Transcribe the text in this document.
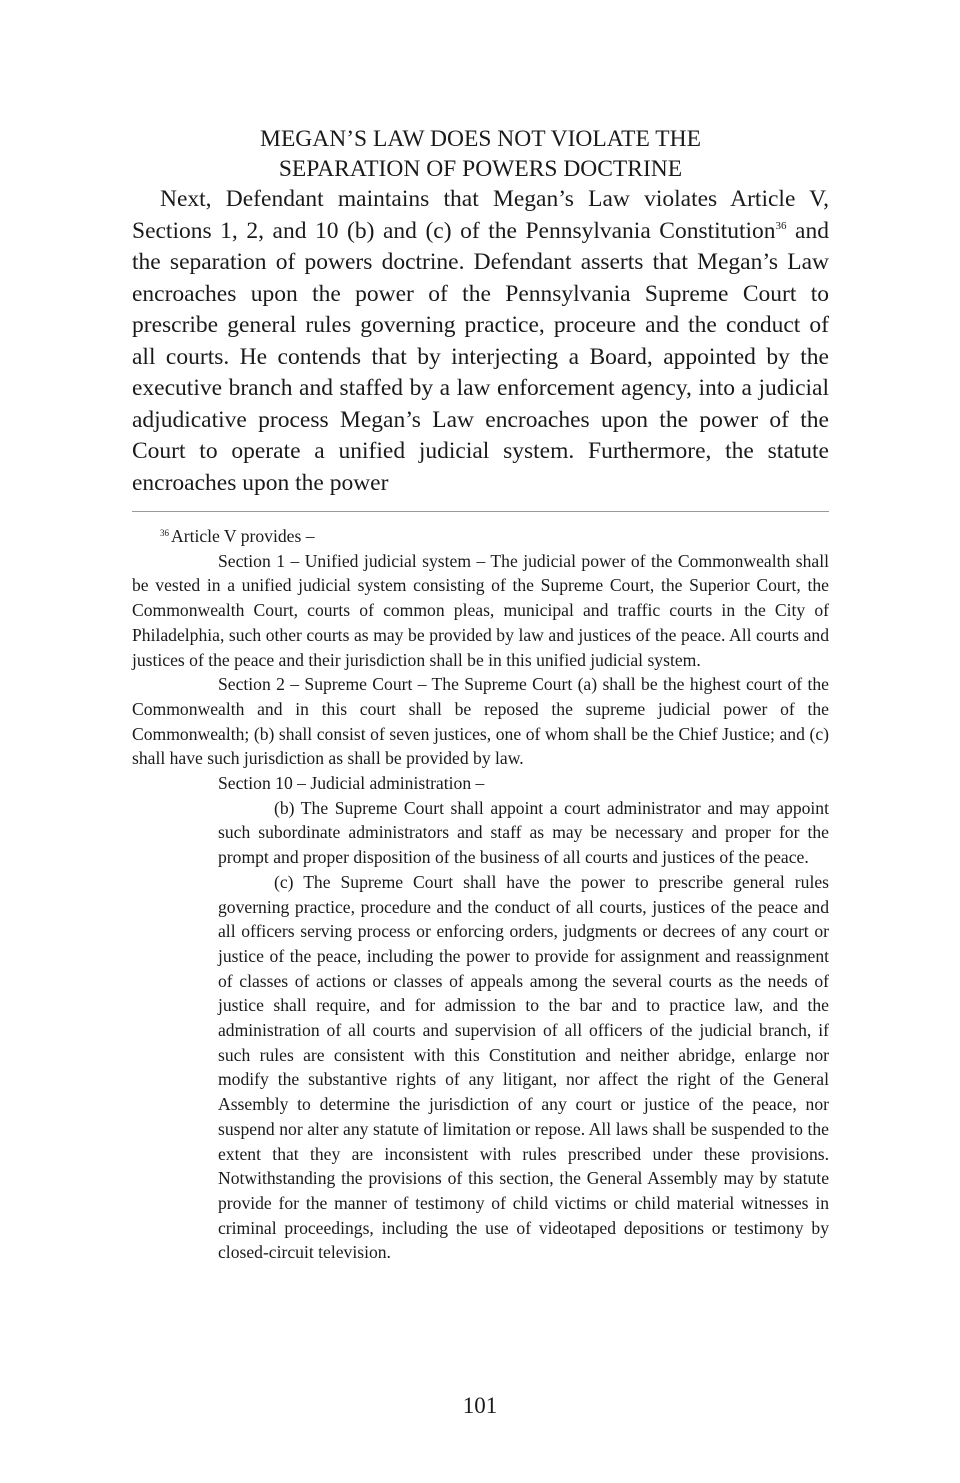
MEGAN’S LAW DOES NOT VIOLATE THE
SEPARATION OF POWERS DOCTRINE

Next, Defendant maintains that Megan’s Law violates Article V, Sections 1, 2, and 10 (b) and (c) of the Pennsylvania Constitution$^{36}$ and the separation of powers doctrine. Defendant asserts that Megan’s Law encroaches upon the power of the Pennsylvania Supreme Court to prescribe general rules governing practice, proceure and the conduct of all courts. He contends that by interjecting a Board, appointed by the executive branch and staffed by a law enforcement agency, into a judicial adjudicative process Megan’s Law encroaches upon the power of the Court to operate a unified judicial system. Furthermore, the statute encroaches upon the power

$^{36}$ Article V provides –

Section 1 – Unified judicial system – The judicial power of the Commonwealth shall be vested in a unified judicial system consisting of the Supreme Court, the Superior Court, the Commonwealth Court, courts of common pleas, municipal and traffic courts in the City of Philadelphia, such other courts as may be provided by law and justices of the peace. All courts and justices of the peace and their jurisdiction shall be in this unified judicial system.

Section 2 – Supreme Court – The Supreme Court (a) shall be the highest court of the Commonwealth and in this court shall be reposed the supreme judicial power of the Commonwealth; (b) shall consist of seven justices, one of whom shall be the Chief Justice; and (c) shall have such jurisdiction as shall be provided by law.

Section 10 – Judicial administration –

(b) The Supreme Court shall appoint a court administrator and may appoint such subordinate administrators and staff as may be necessary and proper for the prompt and proper disposition of the business of all courts and justices of the peace.

(c) The Supreme Court shall have the power to prescribe general rules governing practice, procedure and the conduct of all courts, justices of the peace and all officers serving process or enforcing orders, judgments or decrees of any court or justice of the peace, including the power to provide for assignment and reassignment of classes of actions or classes of appeals among the several courts as the needs of justice shall require, and for admission to the bar and to practice law, and the administration of all courts and supervision of all officers of the judicial branch, if such rules are consistent with this Constitution and neither abridge, enlarge nor modify the substantive rights of any litigant, nor affect the right of the General Assembly to determine the jurisdiction of any court or justice of the peace, nor suspend nor alter any statute of limitation or repose. All laws shall be suspended to the extent that they are inconsistent with rules prescribed under these provisions. Notwithstanding the provisions of this section, the General Assembly may by statute provide for the manner of testimony of child victims or child material witnesses in criminal proceedings, including the use of videotaped depositions or testimony by closed-circuit television.

101
